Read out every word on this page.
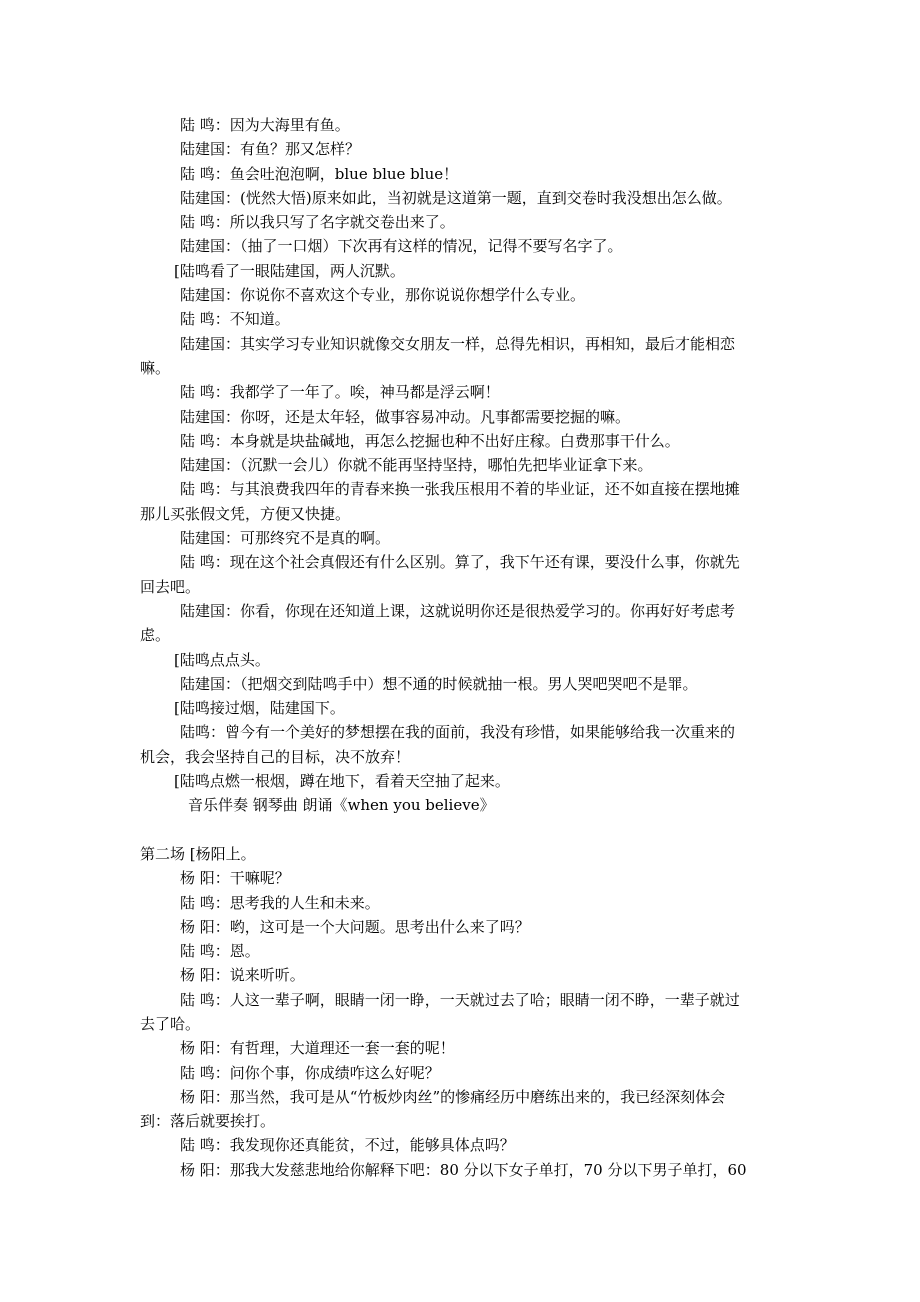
陆 鸣：因为大海里有鱼。
陆建国：有鱼？那又怎样？
陆 鸣：鱼会吐泡泡啊，blue blue blue！
陆建国：(恍然大悟)原来如此，当初就是这道第一题，直到交卷时我没想出怎么做。
陆 鸣：所以我只写了名字就交卷出来了。
陆建国：（抽了一口烟）下次再有这样的情况，记得不要写名字了。
[陆鸣看了一眼陆建国，两人沉默。
陆建国：你说你不喜欢这个专业，那你说说你想学什么专业。
陆 鸣：不知道。
陆建国：其实学习专业知识就像交女朋友一样，总得先相识，再相知，最后才能相恋
嘛。
陆 鸣：我都学了一年了。唉，神马都是浮云啊！
陆建国：你呀，还是太年轻，做事容易冲动。凡事都需要挖掘的嘛。
陆 鸣：本身就是块盐碱地，再怎么挖掘也种不出好庄稼。白费那事干什么。
陆建国：（沉默一会儿）你就不能再坚持坚持，哪怕先把毕业证拿下来。
陆 鸣：与其浪费我四年的青春来换一张我压根用不着的毕业证，还不如直接在摆地摊
那儿买张假文凭，方便又快捷。
陆建国：可那终究不是真的啊。
陆 鸣：现在这个社会真假还有什么区别。算了，我下午还有课，要没什么事，你就先
回去吧。
陆建国：你看，你现在还知道上课，这就说明你还是很热爱学习的。你再好好考虑考
虑。
[陆鸣点点头。
陆建国：（把烟交到陆鸣手中）想不通的时候就抽一根。男人哭吧哭吧不是罪。
[陆鸣接过烟，陆建国下。
陆鸣：曾今有一个美好的梦想摆在我的面前，我没有珍惜，如果能够给我一次重来的
机会，我会坚持自己的目标，决不放弃！
[陆鸣点燃一根烟，蹲在地下，看着天空抽了起来。
音乐伴奏 钢琴曲 朗诵《when you believe》
第二场 [杨阳上。
杨 阳：干嘛呢？
陆 鸣：思考我的人生和未来。
杨 阳：哟，这可是一个大问题。思考出什么来了吗？
陆 鸣：恩。
杨 阳：说来听听。
陆 鸣：人这一辈子啊，眼睛一闭一睁，一天就过去了哈；眼睛一闭不睁，一辈子就过
去了哈。
杨 阳：有哲理，大道理还一套一套的呢！
陆 鸣：问你个事，你成绩咋这么好呢？
杨 阳：那当然，我可是从“竹板炒肉丝”的惨痛经历中磨练出来的，我已经深刻体会
到：落后就要挨打。
陆 鸣：我发现你还真能贫，不过，能够具体点吗？
杨 阳：那我大发慈悲地给你解释下吧：80 分以下女子单打，70 分以下男子单打，60
